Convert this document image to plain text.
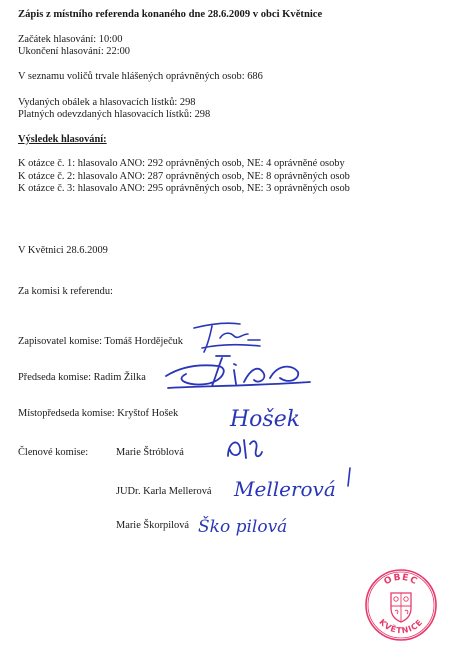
Zápis z místního referenda konaného dne 28.6.2009 v obci Květnice
Začátek hlasování: 10:00
Ukončení hlasování: 22:00
V seznamu voličů trvale hlášených oprávněných osob: 686
Vydaných obálek a hlasovacích lístků: 298
Platných odevzdaných hlasovacích lístků: 298
Výsledek hlasování:
K otázce č. 1: hlasovalo ANO: 292 oprávněných osob, NE: 4 oprávněné osoby
K otázce č. 2: hlasovalo ANO: 287 oprávněných osob, NE: 8 oprávněných osob
K otázce č. 3: hlasovalo ANO: 295 oprávněných osob, NE: 3 oprávněných osob
V Květnici 28.6.2009
Za komisi k referendu:
Zapisovatel komise: Tomáš Horděječuk
Předseda komise: Radim Žilka
Místopředseda komise: Kryštof Hošek
Členové komise:	Marie Štróblová
JUDr. Karla Mellerová
Marie Škorpilová
Hošek
Mellerová
Ško pilová
OBEC
KVĚTNICE
